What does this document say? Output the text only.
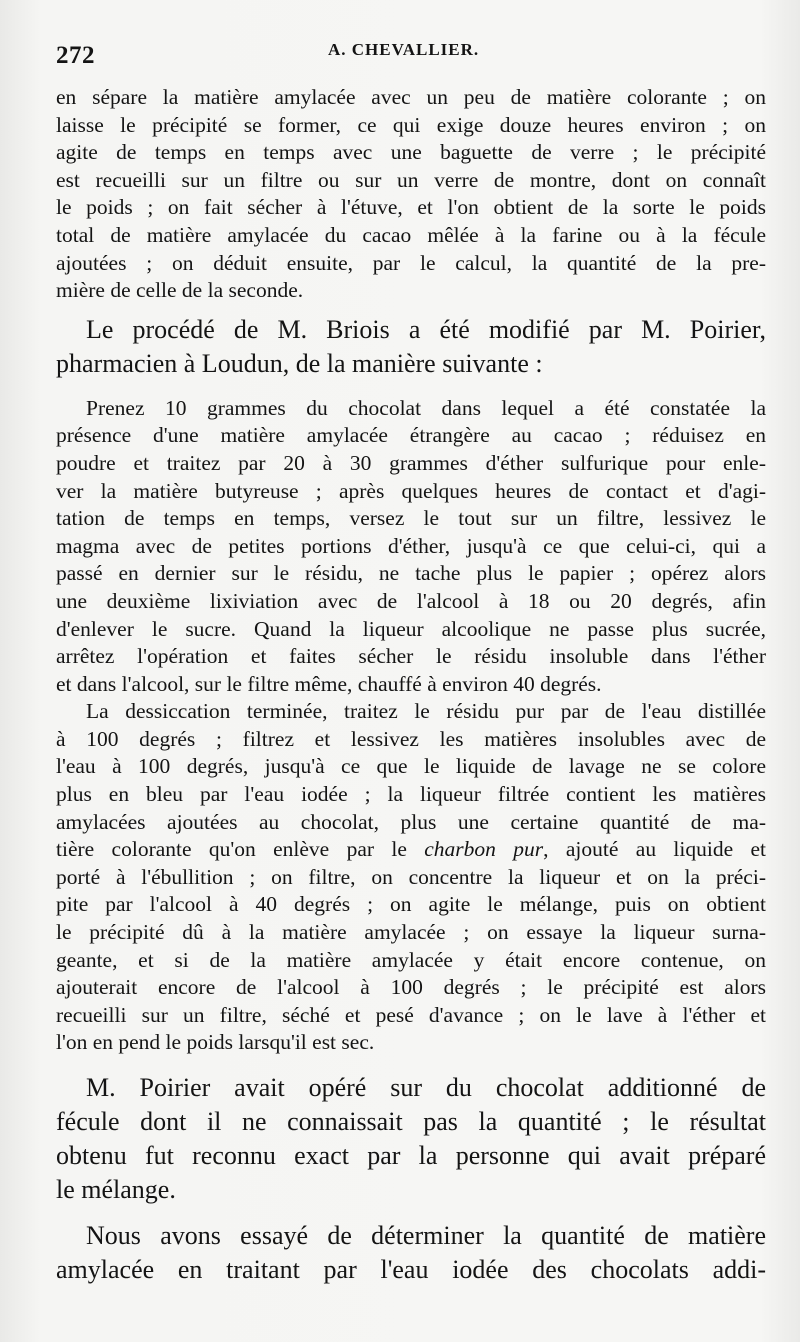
272	A. CHEVALLIER.
en sépare la matière amylacée avec un peu de matière colorante ; on
laisse le précipité se former, ce qui exige douze heures environ ; on
agite de temps en temps avec une baguette de verre ; le précipité
est recueilli sur un filtre ou sur un verre de montre, dont on connaît
le poids ; on fait sécher à l'étuve, et l'on obtient de la sorte le poids
total de matière amylacée du cacao mêlée à la farine ou à la fécule
ajoutées ; on déduit ensuite, par le calcul, la quantité de la pre-
mière de celle de la seconde.
Le procédé de M. Briois a été modifié par M. Poirier,
pharmacien à Loudun, de la manière suivante :
Prenez 10 grammes du chocolat dans lequel a été constatée la
présence d'une matière amylacée étrangère au cacao ; réduisez en
poudre et traitez par 20 à 30 grammes d'éther sulfurique pour enle-
ver la matière butyreuse ; après quelques heures de contact et d'agi-
tation de temps en temps, versez le tout sur un filtre, lessivez le
magma avec de petites portions d'éther, jusqu'à ce que celui-ci, qui a
passé en dernier sur le résidu, ne tache plus le papier ; opérez alors
une deuxième lixiviation avec de l'alcool à 18 ou 20 degrés, afin
d'enlever le sucre. Quand la liqueur alcoolique ne passe plus sucrée,
arrêtez l'opération et faites sécher le résidu insoluble dans l'éther
et dans l'alcool, sur le filtre même, chauffé à environ 40 degrés.
La dessiccation terminée, traitez le résidu pur par de l'eau distillée
à 100 degrés ; filtrez et lessivez les matières insolubles avec de
l'eau à 100 degrés, jusqu'à ce que le liquide de lavage ne se colore
plus en bleu par l'eau iodée ; la liqueur filtrée contient les matières
amylacées ajoutées au chocolat, plus une certaine quantité de ma-
tière colorante qu'on enlève par le charbon pur, ajouté au liquide et
porté à l'ébullition ; on filtre, on concentre la liqueur et on la préci-
pite par l'alcool à 40 degrés ; on agite le mélange, puis on obtient
le précipité dû à la matière amylacée ; on essaye la liqueur surna-
geante, et si de la matière amylacée y était encore contenue, on
ajouterait encore de l'alcool à 100 degrés ; le précipité est alors
recueilli sur un filtre, séché et pesé d'avance ; on le lave à l'éther et
l'on en pend le poids larsqu'il est sec.
M. Poirier avait opéré sur du chocolat additionné de
fécule dont il ne connaissait pas la quantité ; le résultat
obtenu fut reconnu exact par la personne qui avait préparé
le mélange.
Nous avons essayé de déterminer la quantité de matière
amylacée en traitant par l'eau iodée des chocolats addi-
